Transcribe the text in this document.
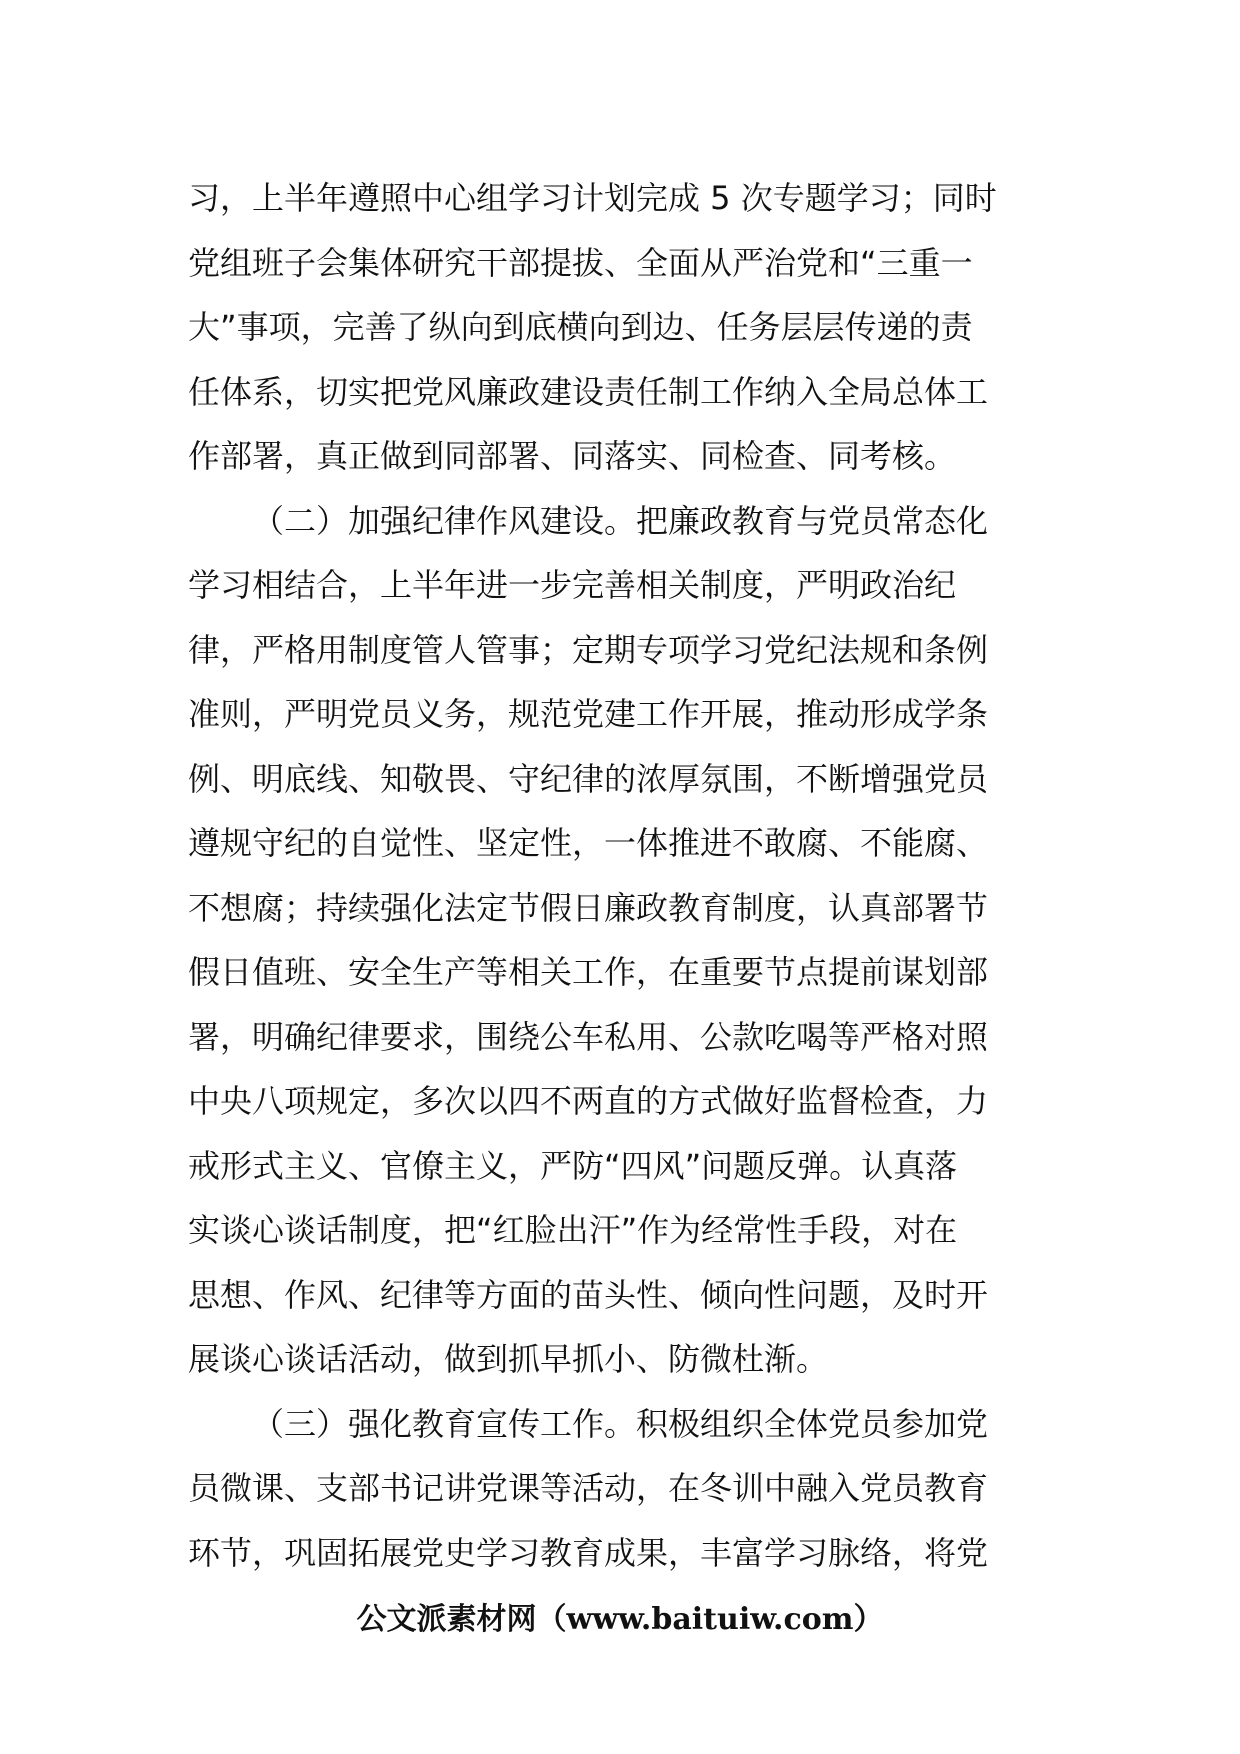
习，上半年遵照中心组学习计划完成 5 次专题学习；同时
党组班子会集体研究干部提拔、全面从严治党和“三重一
大”事项，完善了纵向到底横向到边、任务层层传递的责
任体系，切实把党风廉政建设责任制工作纳入全局总体工
作部署，真正做到同部署、同落实、同检查、同考核。
（二）加强纪律作风建设。把廉政教育与党员常态化
学习相结合，上半年进一步完善相关制度，严明政治纪
律，严格用制度管人管事；定期专项学习党纪法规和条例
准则，严明党员义务，规范党建工作开展，推动形成学条
例、明底线、知敬畏、守纪律的浓厚氛围，不断增强党员
遵规守纪的自觉性、坚定性，一体推进不敢腐、不能腐、
不想腐；持续强化法定节假日廉政教育制度，认真部署节
假日值班、安全生产等相关工作，在重要节点提前谋划部
署，明确纪律要求，围绕公车私用、公款吃喝等严格对照
中央八项规定，多次以四不两直的方式做好监督检查，力
戒形式主义、官僚主义，严防“四风”问题反弹。认真落
实谈心谈话制度，把“红脸出汗”作为经常性手段，对在
思想、作风、纪律等方面的苗头性、倾向性问题，及时开
展谈心谈话活动，做到抓早抓小、防微杜渐。
（三）强化教育宣传工作。积极组织全体党员参加党
员微课、支部书记讲党课等活动，在冬训中融入党员教育
环节，巩固拓展党史学习教育成果，丰富学习脉络，将党
公文派素材网（www.baituiw.com）
